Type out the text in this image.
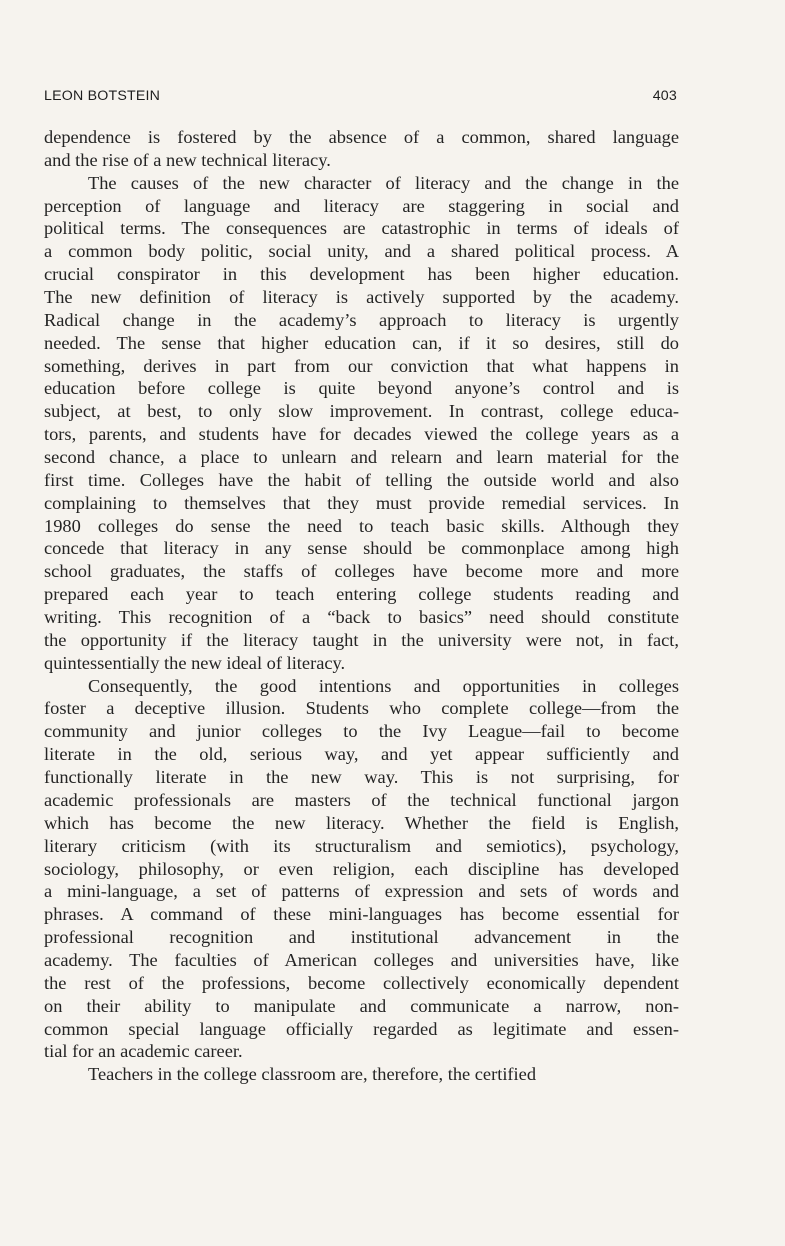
LEON BOTSTEIN	403

dependence is fostered by the absence of a common, shared language
and the rise of a new technical literacy.

The causes of the new character of literacy and the change in the
perception of language and literacy are staggering in social and
political terms. The consequences are catastrophic in terms of ideals of
a common body politic, social unity, and a shared political process. A
crucial conspirator in this development has been higher education.
The new definition of literacy is actively supported by the academy.
Radical change in the academy’s approach to literacy is urgently
needed. The sense that higher education can, if it so desires, still do
something, derives in part from our conviction that what happens in
education before college is quite beyond anyone’s control and is
subject, at best, to only slow improvement. In contrast, college educa-
tors, parents, and students have for decades viewed the college years as a
second chance, a place to unlearn and relearn and learn material for the
first time. Colleges have the habit of telling the outside world and also
complaining to themselves that they must provide remedial services. In
1980 colleges do sense the need to teach basic skills. Although they
concede that literacy in any sense should be commonplace among high
school graduates, the staffs of colleges have become more and more
prepared each year to teach entering college students reading and
writing. This recognition of a “back to basics” need should constitute
the opportunity if the literacy taught in the university were not, in fact,
quintessentially the new ideal of literacy.

Consequently, the good intentions and opportunities in colleges
foster a deceptive illusion. Students who complete college—from the
community and junior colleges to the Ivy League—fail to become
literate in the old, serious way, and yet appear sufficiently and
functionally literate in the new way. This is not surprising, for
academic professionals are masters of the technical functional jargon
which has become the new literacy. Whether the field is English,
literary criticism (with its structuralism and semiotics), psychology,
sociology, philosophy, or even religion, each discipline has developed
a mini-language, a set of patterns of expression and sets of words and
phrases. A command of these mini-languages has become essential for
professional recognition and institutional advancement in the
academy. The faculties of American colleges and universities have, like
the rest of the professions, become collectively economically dependent
on their ability to manipulate and communicate a narrow, non-
common special language officially regarded as legitimate and essen-
tial for an academic career.

Teachers in the college classroom are, therefore, the certified
